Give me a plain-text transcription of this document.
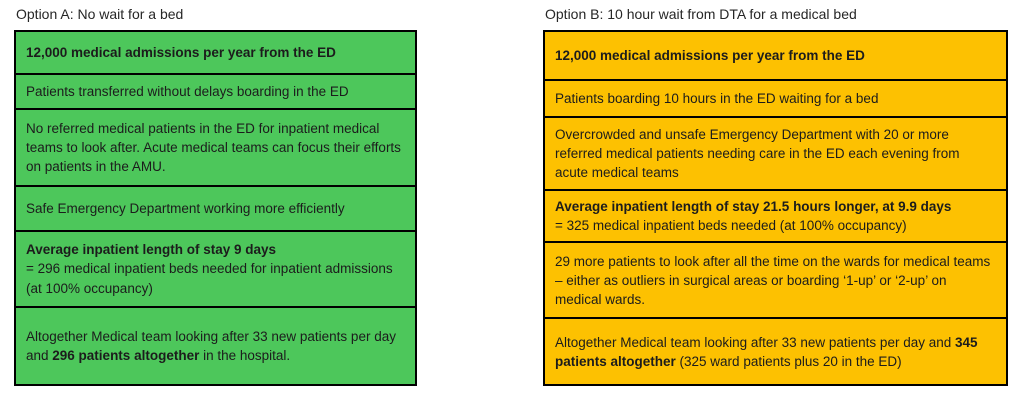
Option A: No wait for a bed
12,000 medical admissions per year from the ED
Patients transferred without delays boarding in the ED
No referred medical patients in the ED for inpatient medical teams to look after. Acute medical teams can focus their efforts on patients in the AMU.
Safe Emergency Department working more efficiently
Average inpatient length of stay 9 days
= 296 medical inpatient beds needed for inpatient admissions (at 100% occupancy)
Altogether Medical team looking after 33 new patients per day and 296 patients altogether in the hospital.
Option B: 10 hour wait from DTA for a medical bed
12,000 medical admissions per year from the ED
Patients boarding 10 hours in the ED waiting for a bed
Overcrowded and unsafe Emergency Department with 20 or more referred medical patients needing care in the ED each evening from acute medical teams
Average inpatient length of stay 21.5 hours longer, at 9.9 days
= 325 medical inpatient beds needed (at 100% occupancy)
29 more patients to look after all the time on the wards for medical teams – either as outliers in surgical areas or boarding ‘1-up’ or ‘2-up’ on medical wards.
Altogether Medical team looking after 33 new patients per day and 345 patients altogether (325 ward patients plus 20 in the ED)
